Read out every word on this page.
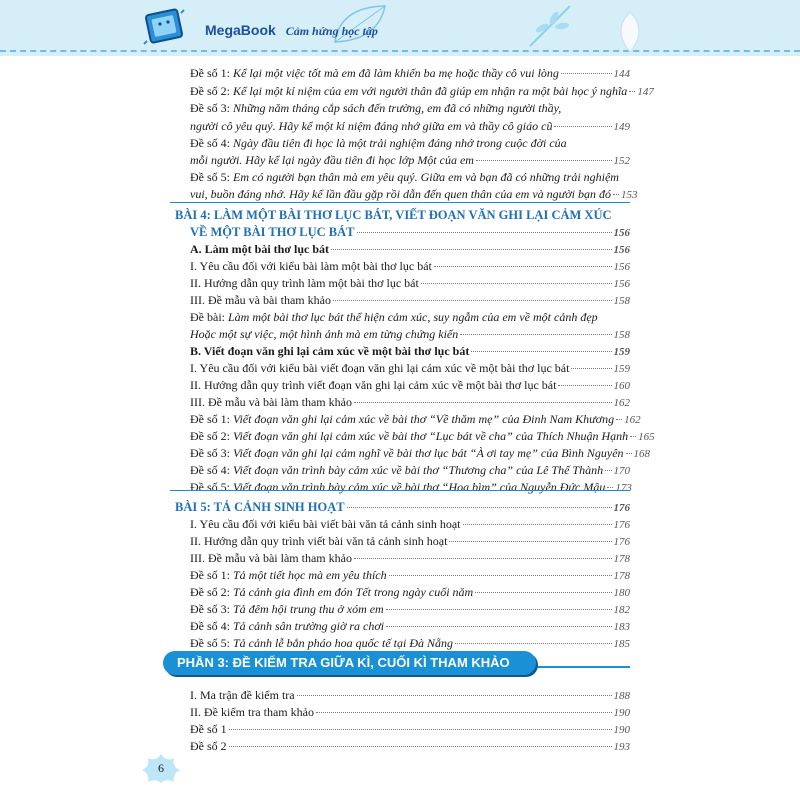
MegaBook Cảm hứng học tập
Đề số 1: Kể lại một việc tốt mà em đã làm khiến ba mẹ hoặc thầy cô vui lòng	144
Đề số 2: Kể lại một kỉ niệm của em với người thân đã giúp em nhận ra một bài học ý nghĩa 147
Đề số 3: Những năm tháng cắp sách đến trường, em đã có những người thầy,
người cô yêu quý. Hãy kể một kỉ niệm đáng nhớ giữa em và thầy cô giáo cũ	149
Đề số 4: Ngày đầu tiên đi học là một trải nghiệm đáng nhớ trong cuộc đời của
mỗi người. Hãy kể lại ngày đầu tiên đi học lớp Một của em	152
Đề số 5: Em có người bạn thân mà em yêu quý. Giữa em và bạn đã có những trải nghiệm
vui, buồn đáng nhớ. Hãy kể lần đầu gặp rồi dẫn đến quen thân của em và người bạn đó 153
BÀI 4: LÀM MỘT BÀI THƠ LỤC BÁT, VIẾT ĐOẠN VĂN GHI LẠI CẢM XÚC
VỀ MỘT BÀI THƠ LỤC BÁT	156
A. Làm một bài thơ lục bát	156
I. Yêu cầu đối với kiểu bài làm một bài thơ lục bát	156
II. Hướng dẫn quy trình làm một bài thơ lục bát	156
III. Đề mẫu và bài tham khảo	158
Đề bài: Làm một bài thơ lục bát thể hiện cảm xúc, suy ngẫm của em về một cảnh đẹp
Hoặc một sự việc, một hình ảnh mà em từng chứng kiến	158
B. Viết đoạn văn ghi lại cảm xúc về một bài thơ lục bát	159
I. Yêu cầu đối với kiểu bài viết đoạn văn ghi lại cảm xúc về một bài thơ lục bát	159
II. Hướng dẫn quy trình viết đoạn văn ghi lại cảm xúc về một bài thơ lục bát	160
III. Đề mẫu và bài làm tham khảo	162
Đề số 1: Viết đoạn văn ghi lại cảm xúc về bài thơ “Về thăm mẹ” của Đinh Nam Khương 162
Đề số 2: Viết đoạn văn ghi lại cảm xúc về bài thơ “Lục bát về cha” của Thích Nhuận Hạnh 165
Đề số 3: Viết đoạn văn ghi lại cảm nghĩ về bài thơ lục bát “À ơi tay mẹ” của Bình Nguyên 168
Đề số 4: Viết đoạn văn trình bày cảm xúc về bài thơ “Thương cha” của Lê Thế Thành 170
Đề số 5: Viết đoạn văn trình bày cảm xúc về bài thơ “Hoa bìm” của Nguyễn Đức Mậu 173
BÀI 5: TẢ CẢNH SINH HOẠT	176
I. Yêu cầu đối với kiểu bài viết bài văn tả cảnh sinh hoạt	176
II. Hướng dẫn quy trình viết bài văn tả cảnh sinh hoạt	176
III. Đề mẫu và bài làm tham khảo	178
Đề số 1: Tả một tiết học mà em yêu thích	178
Đề số 2: Tả cảnh gia đình em đón Tết trong ngày cuối năm	180
Đề số 3: Tả đêm hội trung thu ở xóm em	182
Đề số 4: Tả cảnh sân trường giờ ra chơi	183
Đề số 5: Tả cảnh lễ bắn pháo hoa quốc tế tại Đà Nẵng	185
PHẦN 3: ĐỀ KIỂM TRA GIỮA KÌ, CUỐI KÌ THAM KHẢO
I. Ma trận đề kiểm tra	188
II. Đề kiểm tra tham khảo	190
Đề số 1	190
Đề số 2	193
6
